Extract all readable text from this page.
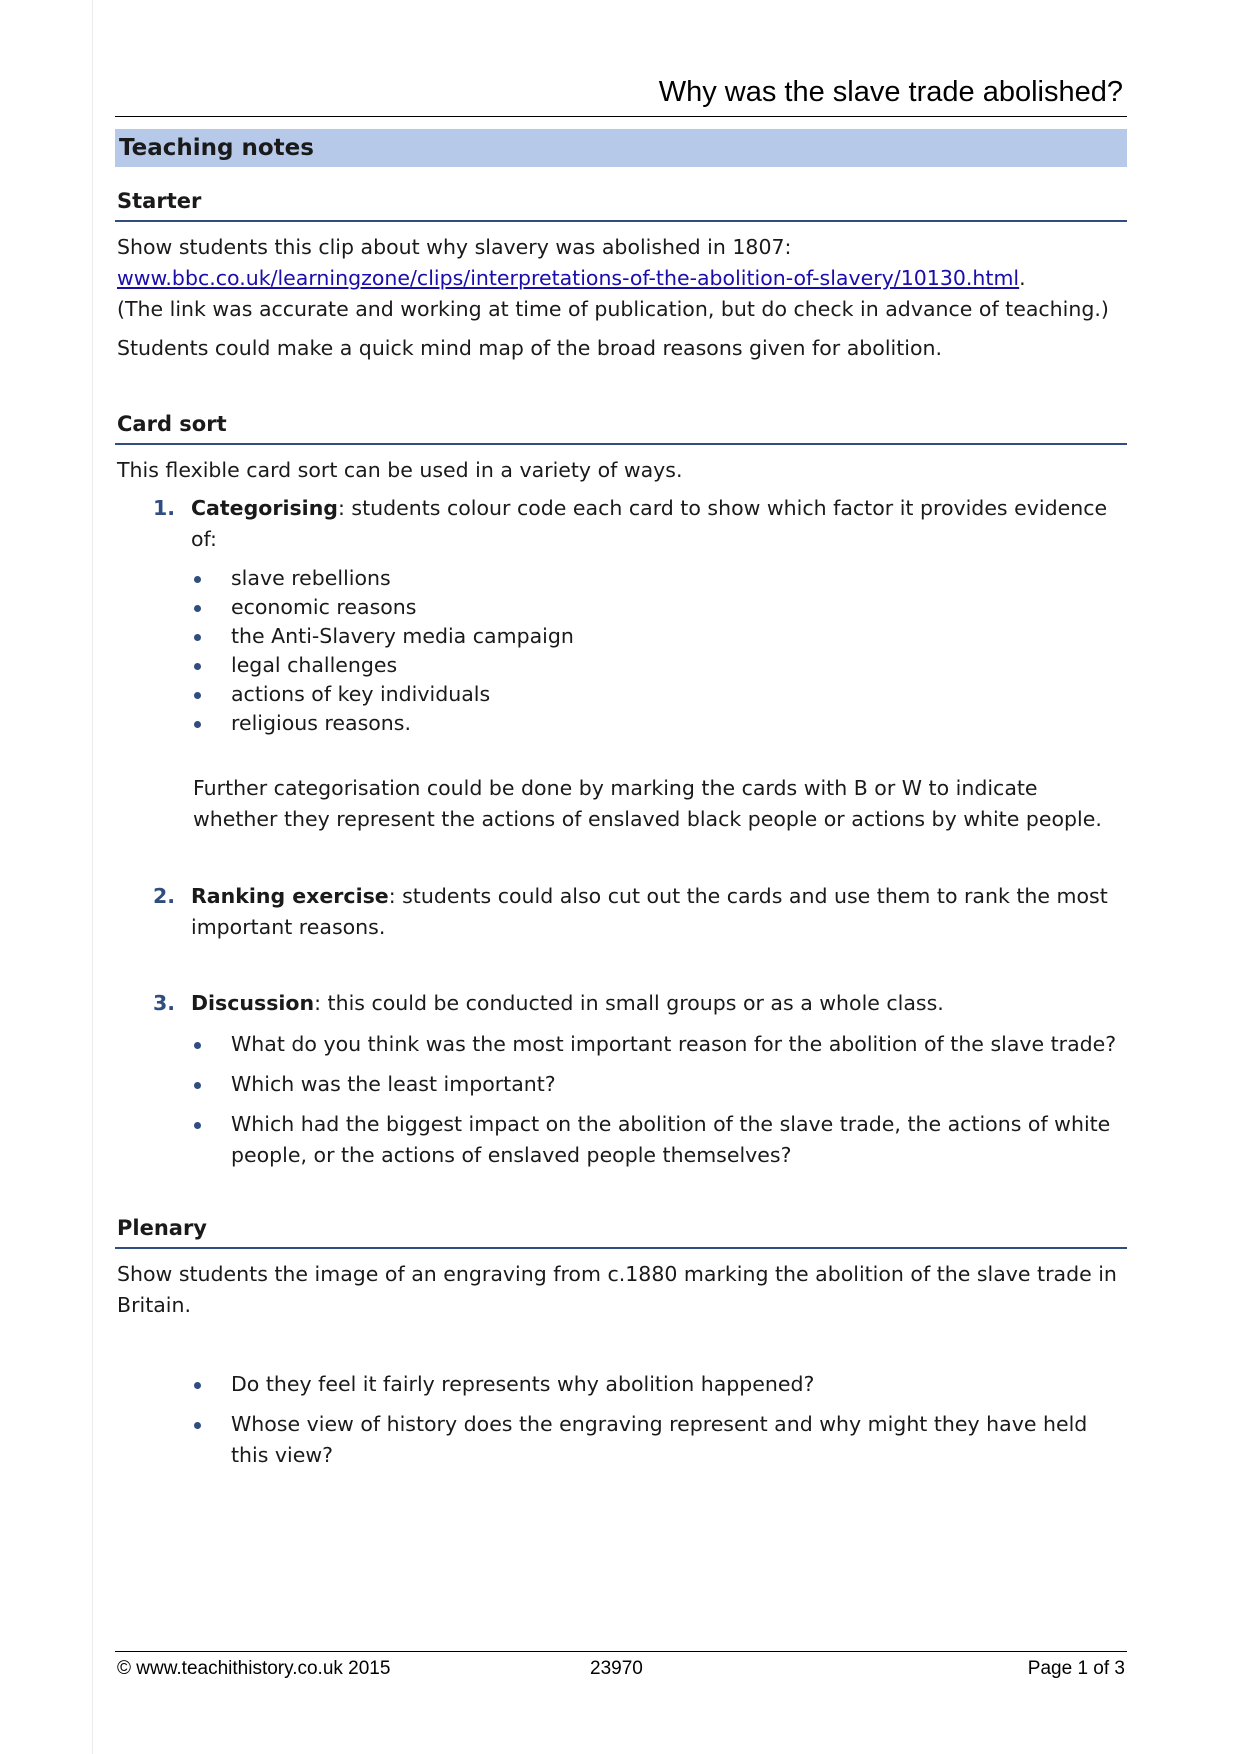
Why was the slave trade abolished?
Teaching notes
Starter
Show students this clip about why slavery was abolished in 1807:
www.bbc.co.uk/learningzone/clips/interpretations-of-the-abolition-of-slavery/10130.html.
(The link was accurate and working at time of publication, but do check in advance of teaching.)
Students could make a quick mind map of the broad reasons given for abolition.
Card sort
This flexible card sort can be used in a variety of ways.
1. Categorising: students colour code each card to show which factor it provides evidence of:
slave rebellions
economic reasons
the Anti-Slavery media campaign
legal challenges
actions of key individuals
religious reasons.
Further categorisation could be done by marking the cards with B or W to indicate whether they represent the actions of enslaved black people or actions by white people.
2. Ranking exercise: students could also cut out the cards and use them to rank the most important reasons.
3. Discussion: this could be conducted in small groups or as a whole class.
What do you think was the most important reason for the abolition of the slave trade?
Which was the least important?
Which had the biggest impact on the abolition of the slave trade, the actions of white people, or the actions of enslaved people themselves?
Plenary
Show students the image of an engraving from c.1880 marking the abolition of the slave trade in Britain.
Do they feel it fairly represents why abolition happened?
Whose view of history does the engraving represent and why might they have held this view?
© www.teachithistory.co.uk 2015	23970	Page 1 of 3
